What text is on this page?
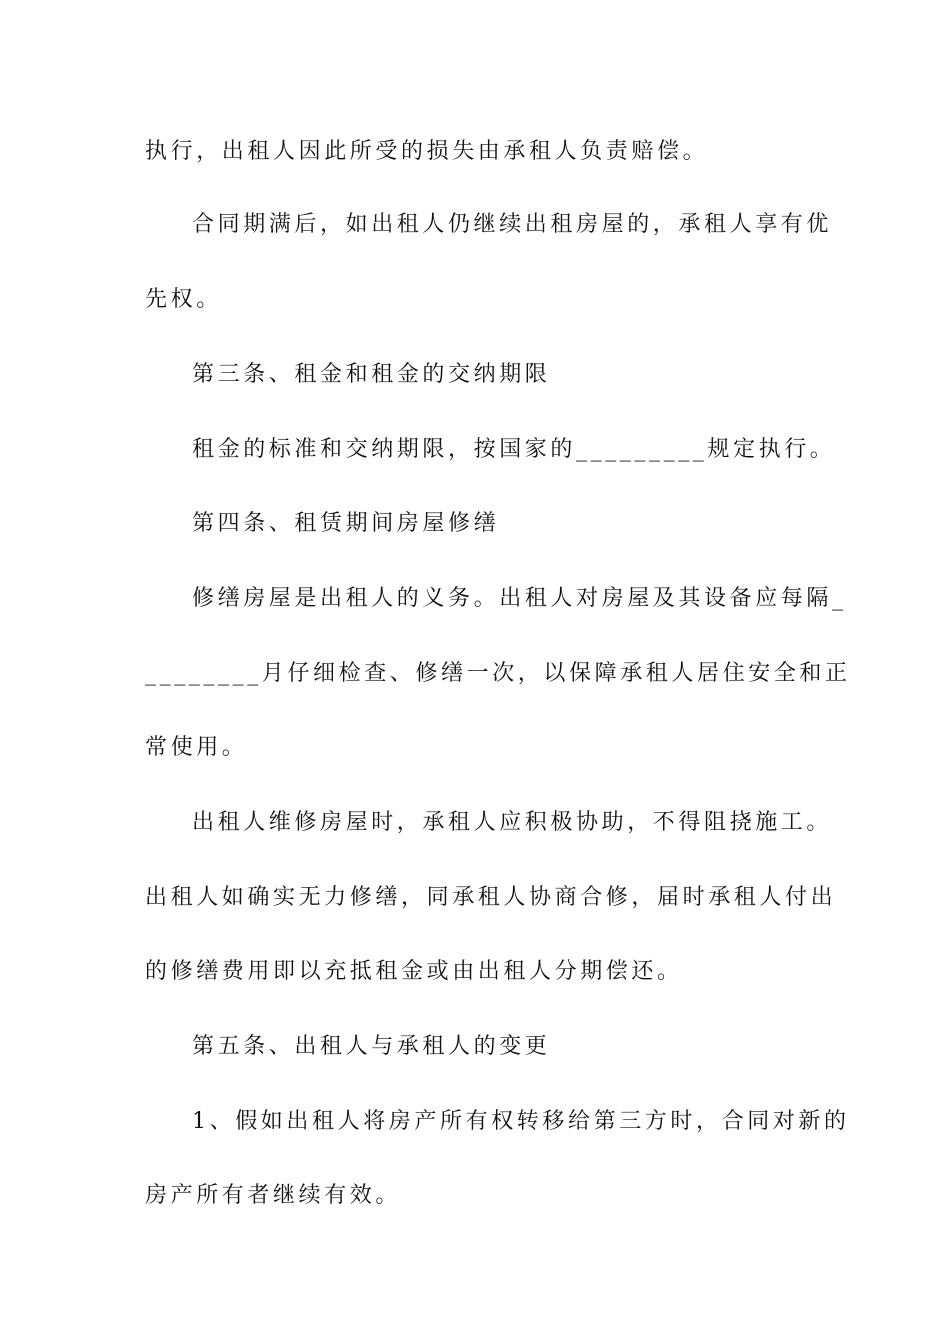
执行，出租人因此所受的损失由承租人负责赔偿。
合同期满后，如出租人仍继续出租房屋的，承租人享有优
先权。
第三条、租金和租金的交纳期限
租金的标准和交纳期限，按国家的_________规定执行。
第四条、租赁期间房屋修缮
修缮房屋是出租人的义务。出租人对房屋及其设备应每隔_
________月仔细检查、修缮一次，以保障承租人居住安全和正
常使用。
出租人维修房屋时，承租人应积极协助，不得阻挠施工。
出租人如确实无力修缮，同承租人协商合修，届时承租人付出
的修缮费用即以充抵租金或由出租人分期偿还。
第五条、出租人与承租人的变更
1、假如出租人将房产所有权转移给第三方时，合同对新的
房产所有者继续有效。
